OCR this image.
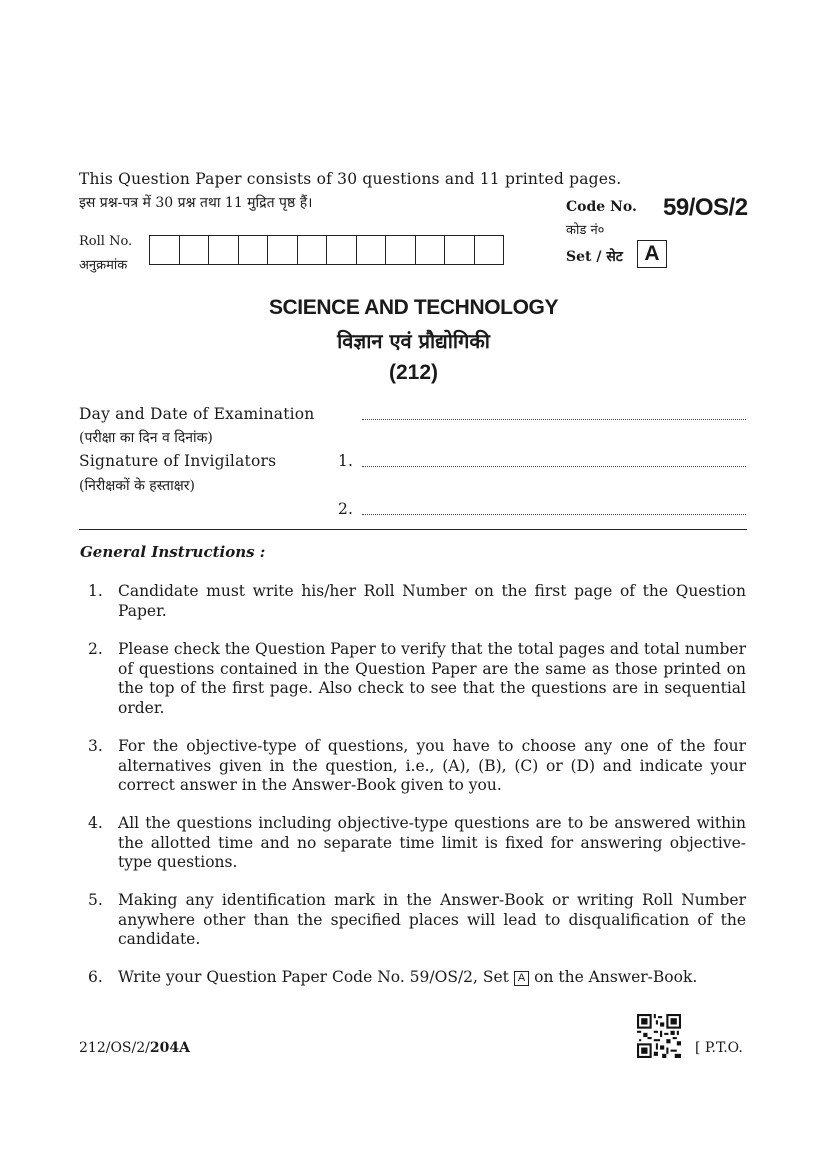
This Question Paper consists of 30 questions and 11 printed pages.
इस प्रश्न-पत्र में 30 प्रश्न तथा 11 मुद्रित पृष्ठ हैं।	Code No.
कोड नं०
59/OS/2
Roll No.
अनुक्रमांक
Set / सेट	A
SCIENCE AND TECHNOLOGY
विज्ञान एवं प्रौद्योगिकी
(212)
Day and Date of Examination
(परीक्षा का दिन व दिनांक)
Signature of Invigilators
(निरीक्षकों के हस्ताक्षर)
1.
2.
General Instructions :
1. Candidate must write his/her Roll Number on the first page of the Question Paper.
2. Please check the Question Paper to verify that the total pages and total number of questions contained in the Question Paper are the same as those printed on the top of the first page. Also check to see that the questions are in sequential order.
3. For the objective-type of questions, you have to choose any one of the four alternatives given in the question, i.e., (A), (B), (C) or (D) and indicate your correct answer in the Answer-Book given to you.
4. All the questions including objective-type questions are to be answered within the allotted time and no separate time limit is fixed for answering objective-type questions.
5. Making any identification mark in the Answer-Book or writing Roll Number anywhere other than the specified places will lead to disqualification of the candidate.
6. Write your Question Paper Code No. 59/OS/2, Set A on the Answer-Book.
212/OS/2/204A	[ P.T.O.
